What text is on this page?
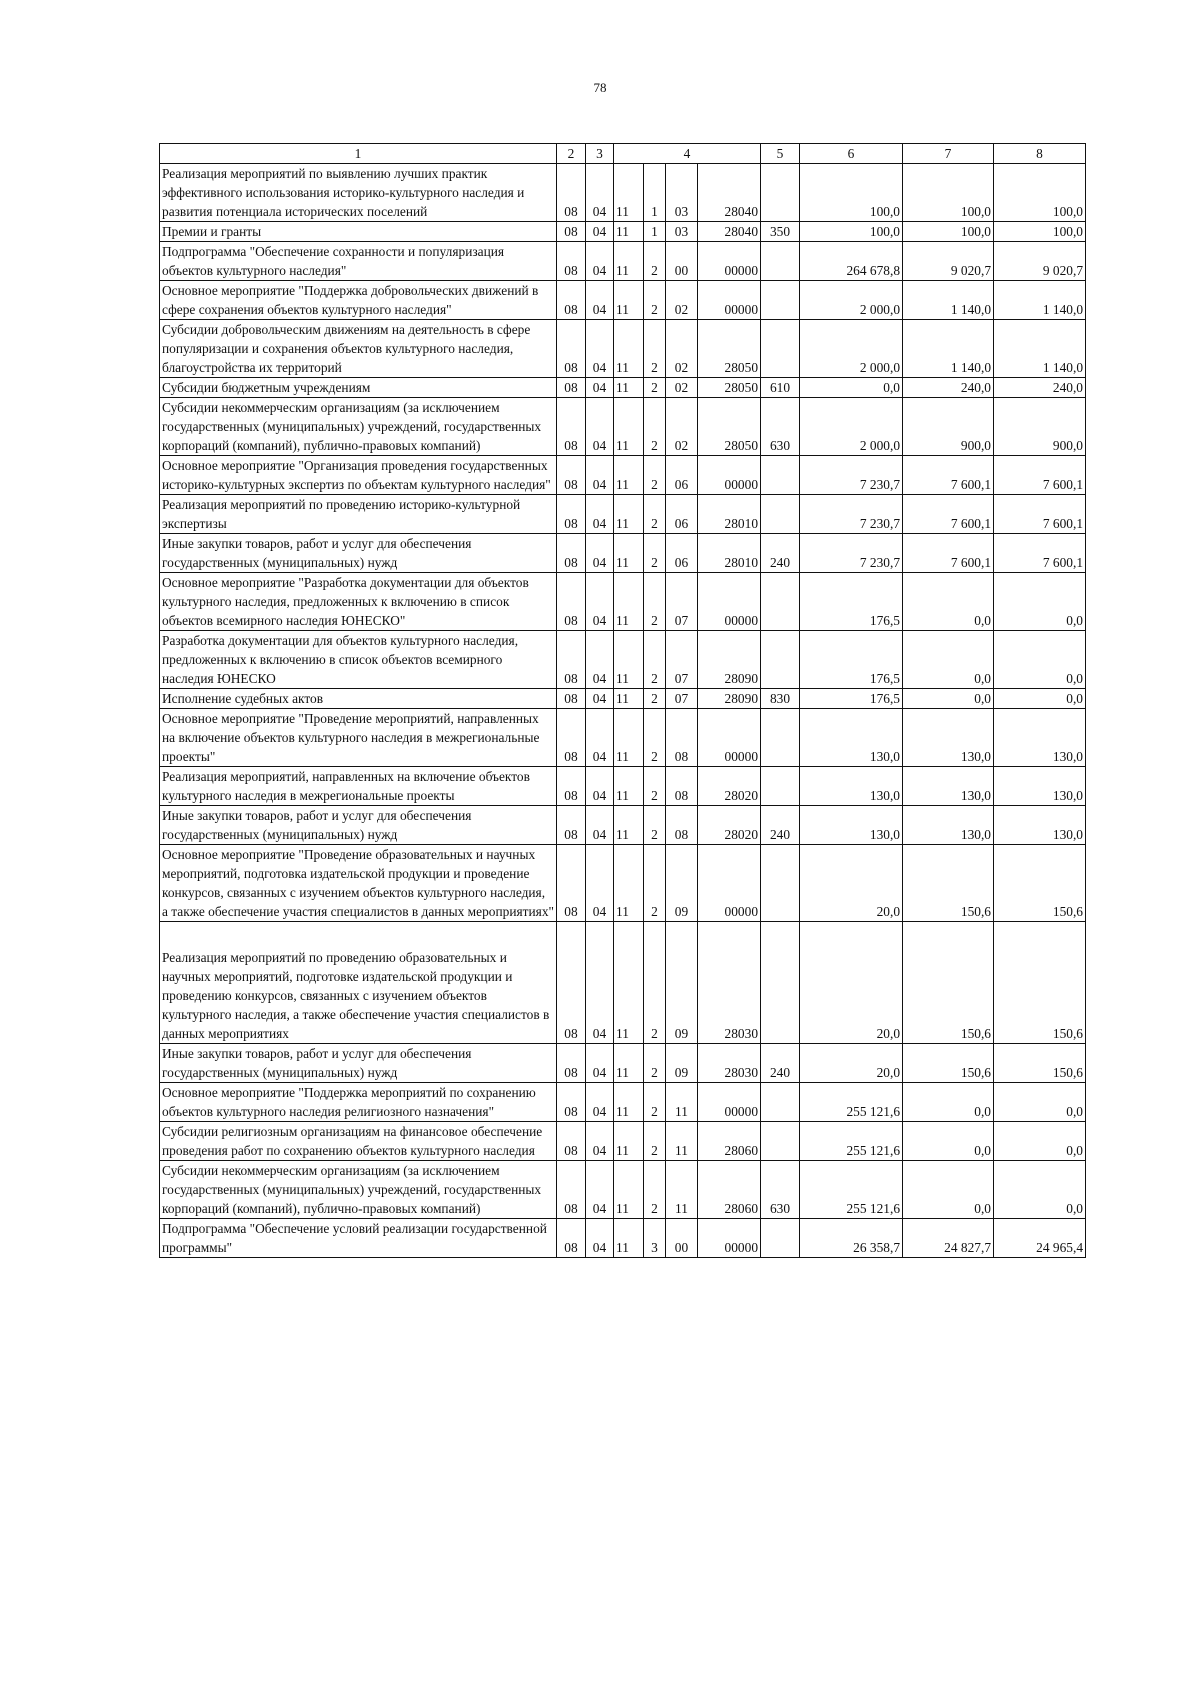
78
1	2	3	4				5	6	7	8
Реализация мероприятий по выявлению лучших практик эффективного использования историко-культурного наследия и развития потенциала исторических поселений	08	04	11	1	03	28040		100,0	100,0	100,0
Премии и гранты	08	04	11	1	03	28040	350	100,0	100,0	100,0
Подпрограмма "Обеспечение сохранности и популяризация объектов культурного наследия"	08	04	11	2	00	00000		264 678,8	9 020,7	9 020,7
Основное мероприятие "Поддержка добровольческих движений в сфере сохранения объектов культурного наследия"	08	04	11	2	02	00000		2 000,0	1 140,0	1 140,0
Субсидии добровольческим движениям на деятельность в сфере популяризации и сохранения объектов культурного наследия, благоустройства их территорий	08	04	11	2	02	28050		2 000,0	1 140,0	1 140,0
Субсидии бюджетным учреждениям	08	04	11	2	02	28050	610	0,0	240,0	240,0
Субсидии некоммерческим организациям (за исключением государственных (муниципальных) учреждений, государственных корпораций (компаний), публично-правовых компаний)	08	04	11	2	02	28050	630	2 000,0	900,0	900,0
Основное мероприятие "Организация проведения государственных историко-культурных экспертиз по объектам культурного наследия"	08	04	11	2	06	00000		7 230,7	7 600,1	7 600,1
Реализация мероприятий по проведению историко-культурной экспертизы	08	04	11	2	06	28010		7 230,7	7 600,1	7 600,1
Иные закупки товаров, работ и услуг для обеспечения государственных (муниципальных) нужд	08	04	11	2	06	28010	240	7 230,7	7 600,1	7 600,1
Основное мероприятие "Разработка документации для объектов культурного наследия, предложенных к включению в список объектов всемирного наследия ЮНЕСКО"	08	04	11	2	07	00000		176,5	0,0	0,0
Разработка документации для объектов культурного наследия, предложенных к включению в список объектов всемирного наследия ЮНЕСКО	08	04	11	2	07	28090		176,5	0,0	0,0
Исполнение судебных актов	08	04	11	2	07	28090	830	176,5	0,0	0,0
Основное мероприятие "Проведение мероприятий, направленных на включение объектов культурного наследия в межрегиональные проекты"	08	04	11	2	08	00000		130,0	130,0	130,0
Реализация мероприятий, направленных на включение объектов культурного наследия в межрегиональные проекты	08	04	11	2	08	28020		130,0	130,0	130,0
Иные закупки товаров, работ и услуг для обеспечения государственных (муниципальных) нужд	08	04	11	2	08	28020	240	130,0	130,0	130,0
Основное мероприятие "Проведение образовательных и научных мероприятий, подготовка издательской продукции и проведение конкурсов, связанных с изучением объектов культурного наследия, а также обеспечение участия специалистов в данных мероприятиях"	08	04	11	2	09	00000		20,0	150,6	150,6
Реализация мероприятий по проведению образовательных и научных мероприятий, подготовке издательской продукции и проведению конкурсов, связанных с изучением объектов культурного наследия, а также обеспечение участия специалистов в данных мероприятиях	08	04	11	2	09	28030		20,0	150,6	150,6
Иные закупки товаров, работ и услуг для обеспечения государственных (муниципальных) нужд	08	04	11	2	09	28030	240	20,0	150,6	150,6
Основное мероприятие "Поддержка мероприятий по сохранению объектов культурного наследия религиозного назначения"	08	04	11	2	11	00000		255 121,6	0,0	0,0
Субсидии религиозным организациям на финансовое обеспечение проведения работ по сохранению объектов культурного наследия	08	04	11	2	11	28060		255 121,6	0,0	0,0
Субсидии некоммерческим организациям (за исключением государственных (муниципальных) учреждений, государственных корпораций (компаний), публично-правовых компаний)	08	04	11	2	11	28060	630	255 121,6	0,0	0,0
Подпрограмма "Обеспечение условий реализации государственной программы"	08	04	11	3	00	00000		26 358,7	24 827,7	24 965,4
